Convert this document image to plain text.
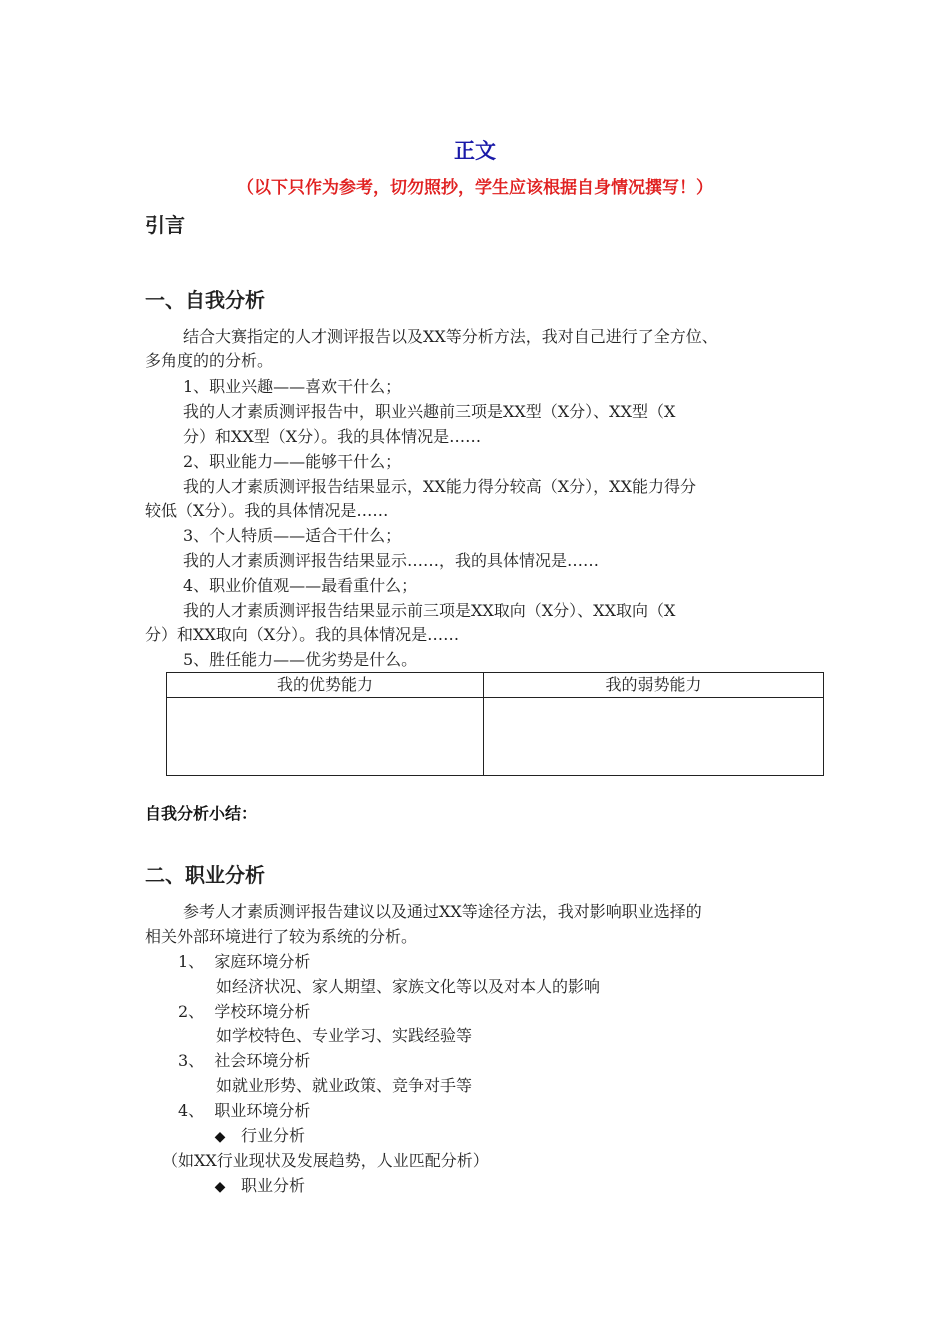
正文
（以下只作为参考，切勿照抄，学生应该根据自身情况撰写！）
引言
一、自我分析
结合大赛指定的人才测评报告以及XX等分析方法，我对自己进行了全方位、
多角度的的分析。
1、职业兴趣——喜欢干什么；
我的人才素质测评报告中，职业兴趣前三项是XX型（X分）、XX型（X
分）和XX型（X分）。我的具体情况是……
2、职业能力——能够干什么；
我的人才素质测评报告结果显示，XX能力得分较高（X分），XX能力得分
较低（X分）。我的具体情况是……
3、个人特质——适合干什么；
我的人才素质测评报告结果显示……，我的具体情况是……
4、职业价值观——最看重什么；
我的人才素质测评报告结果显示前三项是XX取向（X分）、XX取向（X
分）和XX取向（X分）。我的具体情况是……
5、胜任能力——优劣势是什么。
我的优势能力	我的弱势能力

自我分析小结：
二、职业分析
参考人才素质测评报告建议以及通过XX等途径方法，我对影响职业选择的
相关外部环境进行了较为系统的分析。
1、  家庭环境分析
如经济状况、家人期望、家族文化等以及对本人的影响
2、  学校环境分析
如学校特色、专业学习、实践经验等
3、  社会环境分析
如就业形势、就业政策、竞争对手等
4、  职业环境分析
◆ 行业分析
（如XX行业现状及发展趋势，人业匹配分析）
◆ 职业分析
